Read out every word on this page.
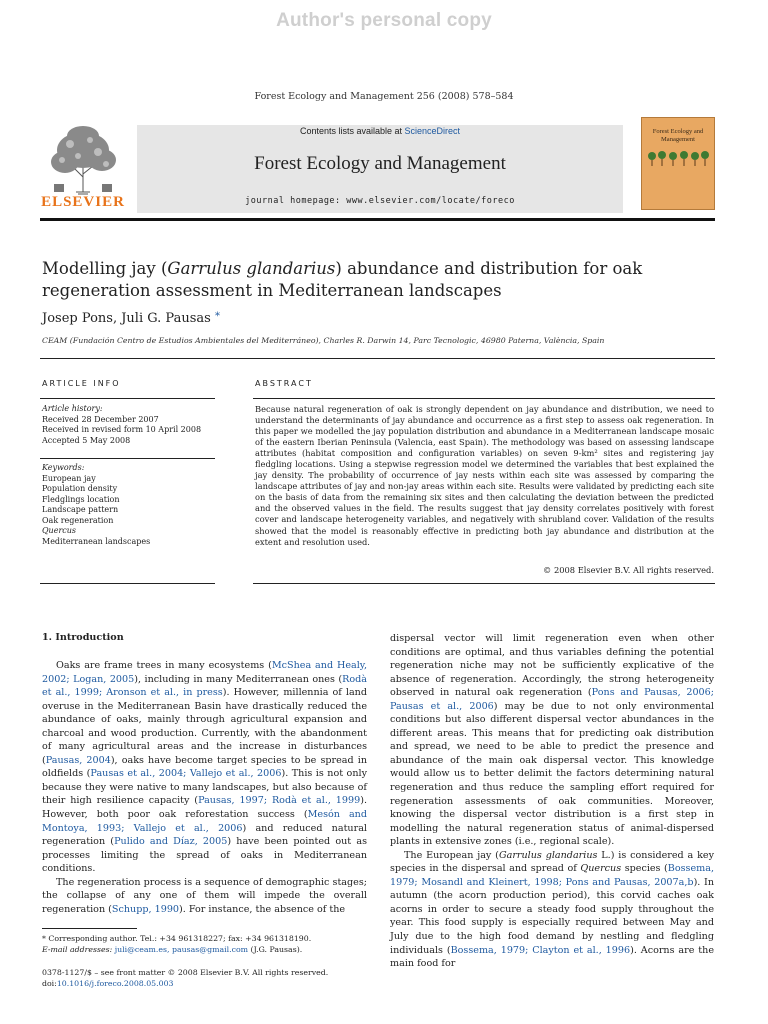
Author's personal copy
Forest Ecology and Management 256 (2008) 578–584
ELSEVIER
Contents lists available at ScienceDirect
Forest Ecology and Management
journal homepage: www.elsevier.com/locate/foreco
Forest Ecology and Management
Modelling jay (Garrulus glandarius) abundance and distribution for oak regeneration assessment in Mediterranean landscapes
Josep Pons, Juli G. Pausas *
CEAM (Fundación Centro de Estudios Ambientales del Mediterráneo), Charles R. Darwin 14, Parc Tecnologic, 46980 Paterna, València, Spain
ARTICLE INFO	ABSTRACT
Article history:
Received 28 December 2007
Received in revised form 10 April 2008
Accepted 5 May 2008
Keywords:
European jay
Population density
Fledglings location
Landscape pattern
Oak regeneration
Quercus
Mediterranean landscapes
Because natural regeneration of oak is strongly dependent on jay abundance and distribution, we need to understand the determinants of jay abundance and occurrence as a first step to assess oak regeneration. In this paper we modelled the jay population distribution and abundance in a Mediterranean landscape mosaic of the eastern Iberian Peninsula (Valencia, east Spain). The methodology was based on assessing landscape attributes (habitat composition and configuration variables) on seven 9-km² sites and registering jay fledgling locations. Using a stepwise regression model we determined the variables that best explained the jay density. The probability of occurrence of jay nests within each site was assessed by comparing the landscape attributes of jay and non-jay areas within each site. Results were validated by predicting each site on the basis of data from the remaining six sites and then calculating the deviation between the predicted and the observed values in the field. The results suggest that jay density correlates positively with forest cover and landscape heterogeneity variables, and negatively with shrubland cover. Validation of the results showed that the model is reasonably effective in predicting both jay abundance and distribution at the extent and resolution used.
© 2008 Elsevier B.V. All rights reserved.
1. Introduction

Oaks are frame trees in many ecosystems (McShea and Healy, 2002; Logan, 2005), including in many Mediterranean ones (Rodà et al., 1999; Aronson et al., in press). However, millennia of land overuse in the Mediterranean Basin have drastically reduced the abundance of oaks, mainly through agricultural expansion and charcoal and wood production. Currently, with the abandonment of many agricultural areas and the increase in disturbances (Pausas, 2004), oaks have become target species to be spread in oldfields (Pausas et al., 2004; Vallejo et al., 2006). This is not only because they were native to many landscapes, but also because of their high resilience capacity (Pausas, 1997; Rodà et al., 1999). However, both poor oak reforestation success (Mesón and Montoya, 1993; Vallejo et al., 2006) and reduced natural regeneration (Pulido and Díaz, 2005) have been pointed out as processes limiting the spread of oaks in Mediterranean conditions.

The regeneration process is a sequence of demographic stages; the collapse of any one of them will impede the overall regeneration (Schupp, 1990). For instance, the absence of the

dispersal vector will limit regeneration even when other conditions are optimal, and thus variables defining the potential regeneration niche may not be sufficiently explicative of the absence of regeneration. Accordingly, the strong heterogeneity observed in natural oak regeneration (Pons and Pausas, 2006; Pausas et al., 2006) may be due to not only environmental conditions but also different dispersal vector abundances in the different areas. This means that for predicting oak distribution and spread, we need to be able to predict the presence and abundance of the main oak dispersal vector. This knowledge would allow us to better delimit the factors determining natural regeneration and thus reduce the sampling effort required for regeneration assessments of oak communities. Moreover, knowing the dispersal vector distribution is a first step in modelling the natural regeneration status of animal-dispersed plants in extensive zones (i.e., regional scale).

The European jay (Garrulus glandarius L.) is considered a key species in the dispersal and spread of Quercus species (Bossema, 1979; Mosandl and Kleinert, 1998; Pons and Pausas, 2007a,b). In autumn (the acorn production period), this corvid caches oak acorns in order to secure a steady food supply throughout the year. This food supply is especially required between May and July due to the high food demand by nestling and fledgling individuals (Bossema, 1979; Clayton et al., 1996). Acorns are the main food for

* Corresponding author. Tel.: +34 961318227; fax: +34 961318190.
E-mail addresses: juli@ceam.es, pausas@gmail.com (J.G. Pausas).
0378-1127/$ – see front matter © 2008 Elsevier B.V. All rights reserved.
doi:10.1016/j.foreco.2008.05.003
